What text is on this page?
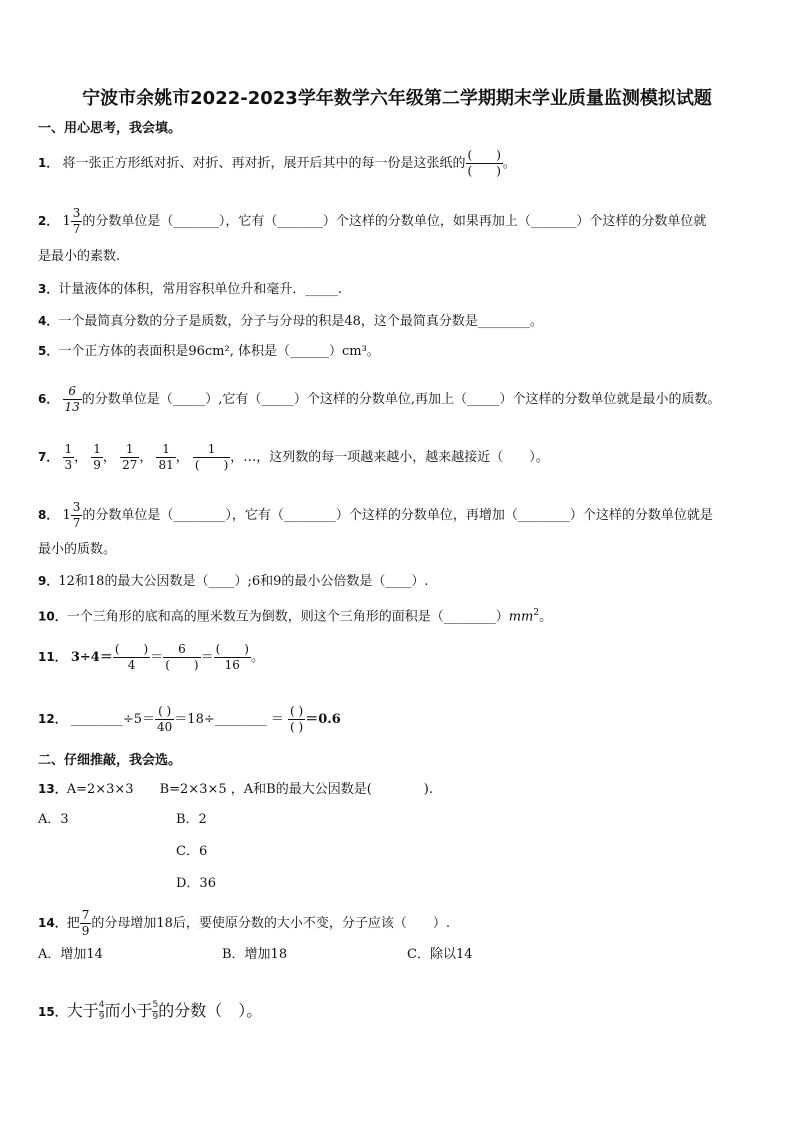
宁波市余姚市2022-2023学年数学六年级第二学期期末学业质量监测模拟试题
一、用心思考，我会填。
1． 将一张正方形纸对折、对折、再对折，展开后其中的每一份是这张纸的 $\frac{( )}{( )}$ 。
2． $1 \frac{3}{7}$ 的分数单位是（_______），它有（_______）个这样的分数单位，如果再加上（_______）个这样的分数单位就
是最小的素数.
3．计量液体的体积，常用容积单位升和毫升．_____.
4．一个最简真分数的分子是质数，分子与分母的积是48，这个最简真分数是________。
5．一个正方体的表面积是96cm², 体积是（______）cm³。
6． $\frac{6}{13}$ 的分数单位是（_____）,它有（_____）个这样的分数单位,再加上（_____）个这样的分数单位就是最小的质数。
7． $\frac{1}{3}$ ， $\frac{1}{9}$ ， $\frac{1}{27}$ ， $\frac{1}{81}$ ， $\frac{1}{( )}$ ，…，这列数的每一项越来越小，越来越接近（　　）。
8． $1 \frac{3}{7}$ 的分数单位是（________），它有（________）个这样的分数单位，再增加（________）个这样的分数单位就是
最小的质数。
9．12和18的最大公因数是（____）;6和9的最小公倍数是（____）.
10．一个三角形的底和高的厘米数互为倒数，则这个三角形的面积是$(\_\_\_\_\_\_\_\_)mm^2$。
11． $3\div 4= \frac{( )}{4} = \frac{6}{( )} = \frac{( )}{16}$ 。
12． ________÷5＝ $\frac{( )}{40}$ ＝18÷________ ＝ $\frac{( )}{( )} =0.6$
二、仔细推敲，我会选。
13．A=2×3×3　　B=2×3×5 ，A和B的最大公因数是(　　　　).
A．3	B．2
C．6
D．36
14．把 $\frac{7}{9}$ 的分母增加18后，要使原分数的大小不变，分子应该（　　）.
A．增加14	B．增加18	C．除以14
15．大于 $\frac{4}{9}$ 而小于 $\frac{5}{9}$ 的分数（　）。
